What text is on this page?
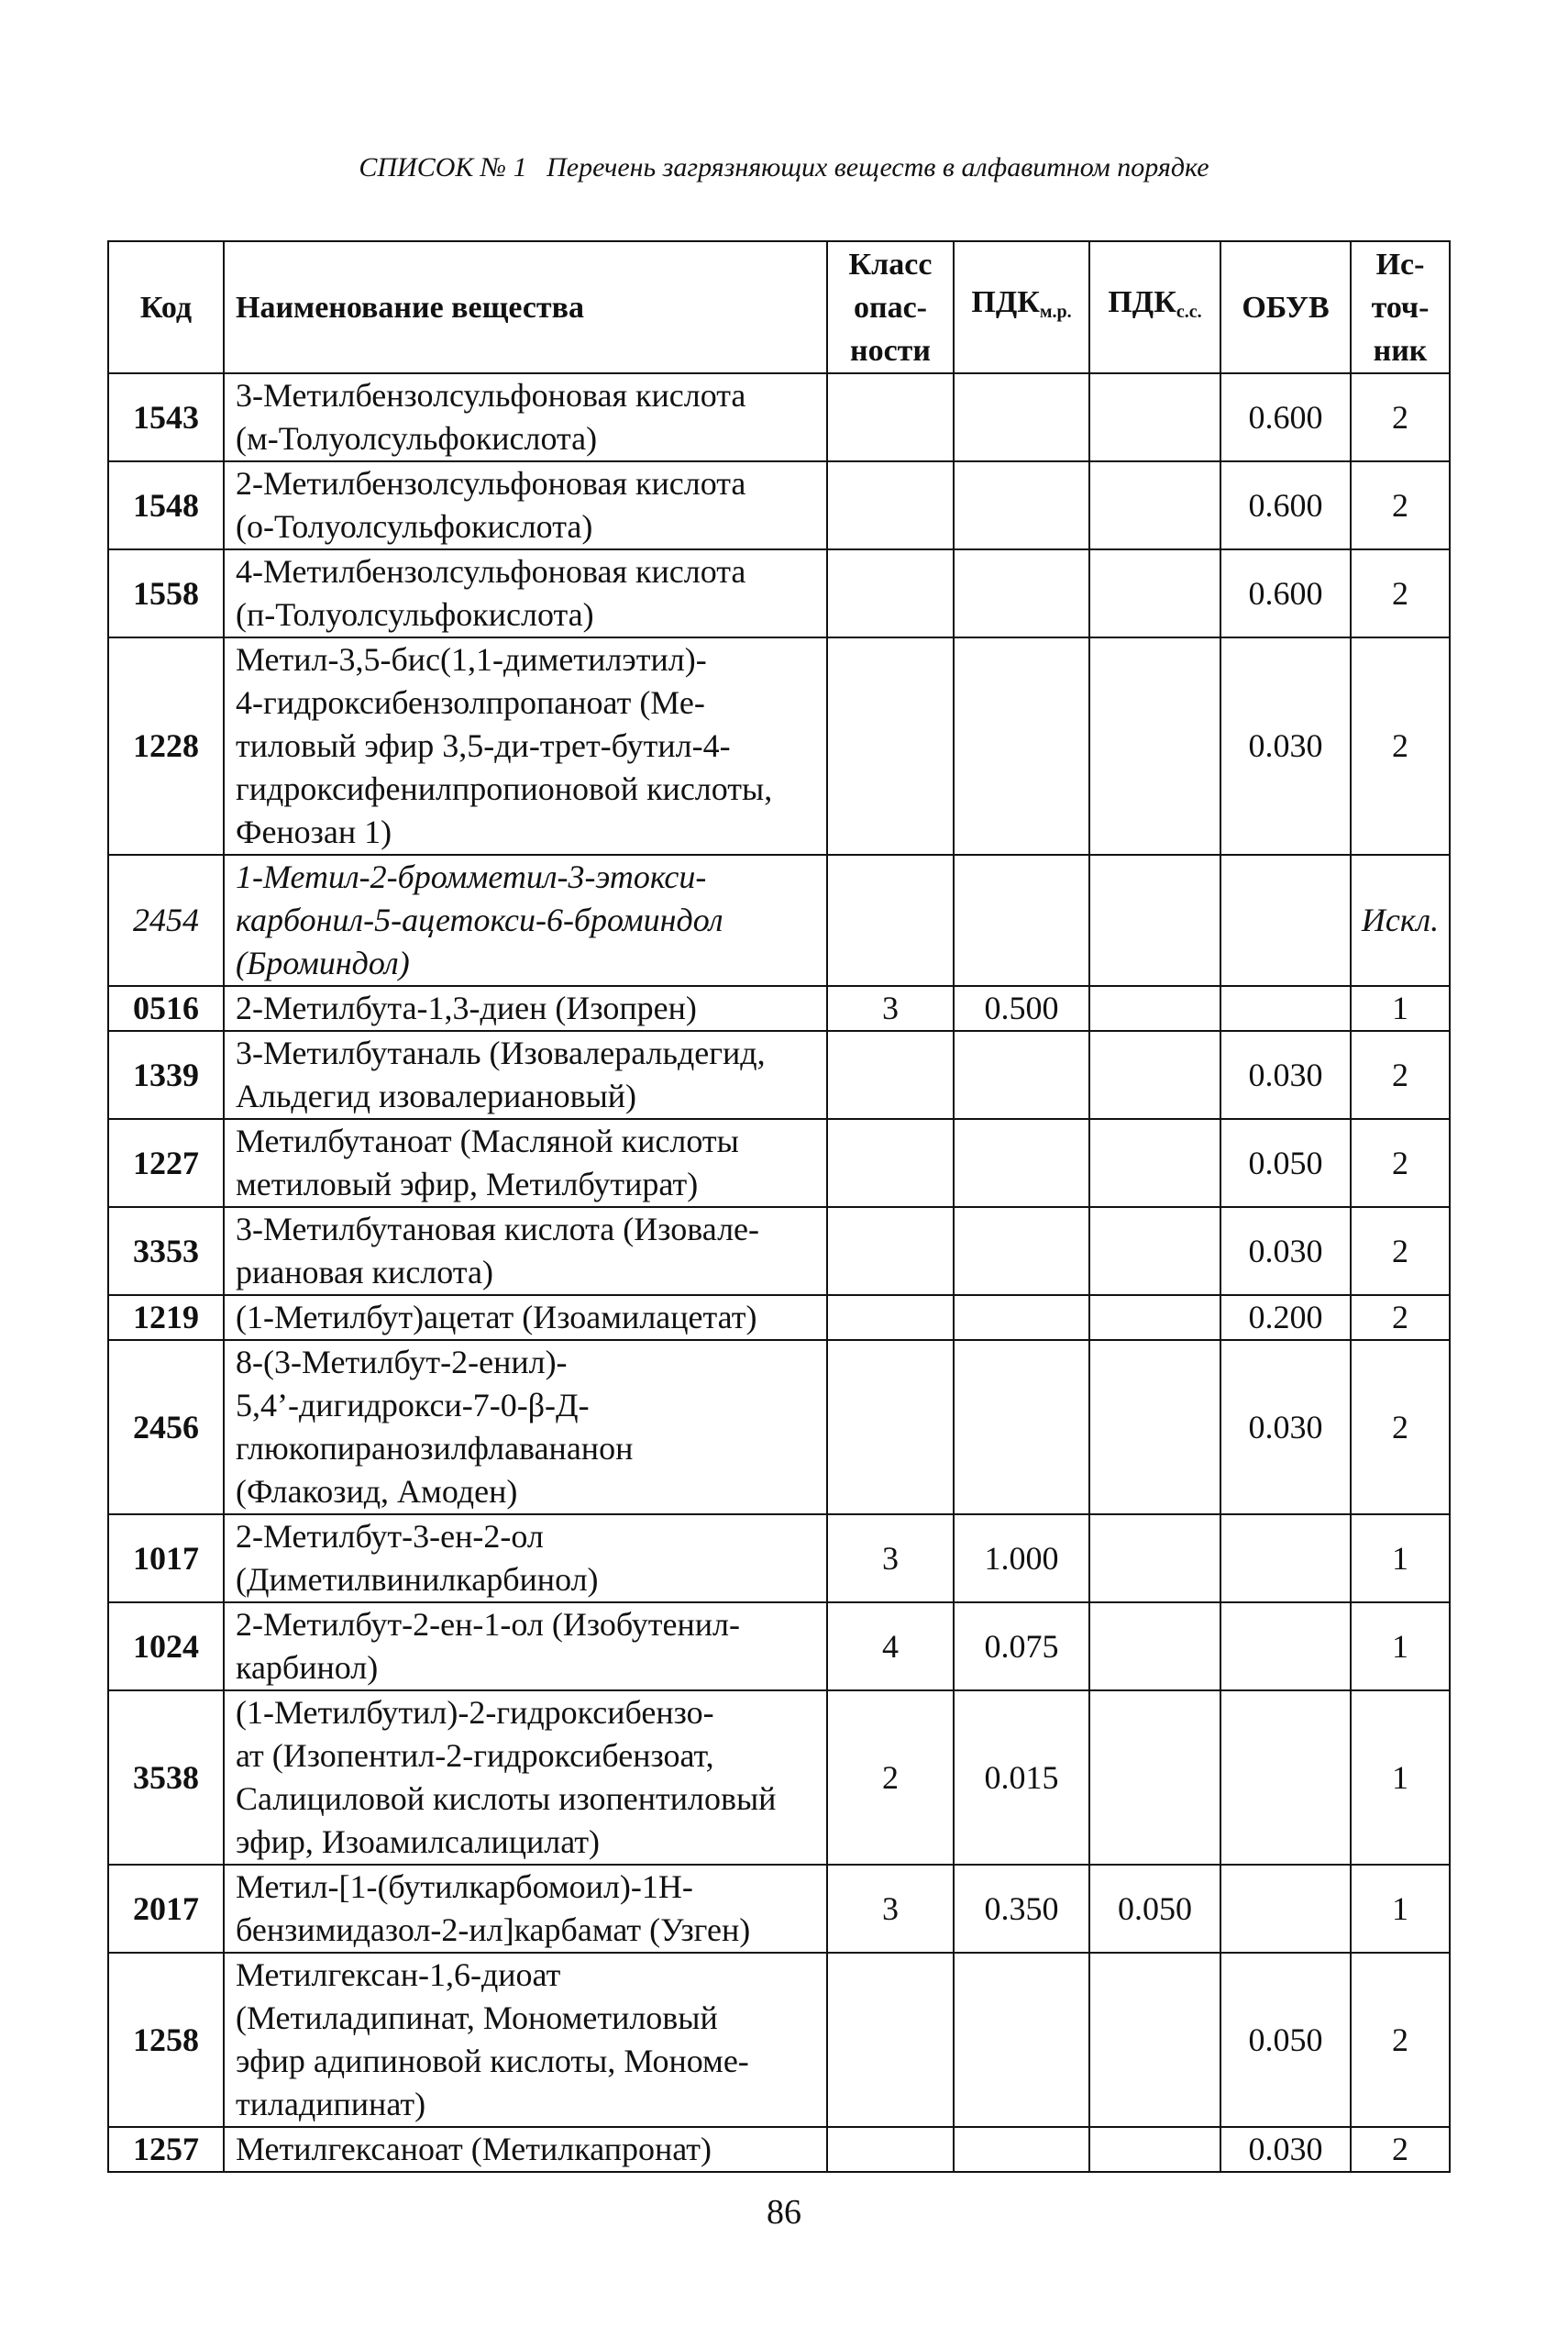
СПИСОК № 1 Перечень загрязняющих веществ в алфавитном порядке
Код	Наименование вещества	Класс
опас-
ности	$ПДК_{м.р.}$	$ПДК_{с.с.}$	ОБУВ	Ис-
точ-
ник
1543	3-Метилбензолсульфоновая кислота
(м-Толуолсульфокислота)				0.600	2
1548	2-Метилбензолсульфоновая кислота
(о-Толуолсульфокислота)				0.600	2
1558	4-Метилбензолсульфоновая кислота
(п-Толуолсульфокислота)				0.600	2
1228	Метил-3,5-бис(1,1-диметилэтил)-
4-гидроксибензолпропаноат (Ме-
тиловый эфир 3,5-ди-трет-бутил-4-
гидроксифенилпропионовой кислоты,
Фенозан 1)				0.030	2
2454	1-Метил-2-бромметил-3-этокси-
карбонил-5-ацетокси-6-броминдол
(Броминдол)					Искл.
0516	2-Метилбута-1,3-диен (Изопрен)	3	0.500			1
1339	3-Метилбутаналь (Изовалеральдегид,
Альдегид изовалериановый)				0.030	2
1227	Метилбутаноат (Масляной кислоты
метиловый эфир, Метилбутират)				0.050	2
3353	3-Метилбутановая кислота (Изовале-
риановая кислота)				0.030	2
1219	(1-Метилбут)ацетат (Изоамилацетат)				0.200	2
2456	8-(3-Метилбут-2-енил)-
5,4’-дигидрокси-7-0-β-Д-
глюкопиранозилфлавананон
(Флакозид, Амоден)				0.030	2
1017	2-Метилбут-3-ен-2-ол
(Диметилвинилкарбинол)	3	1.000			1
1024	2-Метилбут-2-ен-1-ол (Изобутенил-
карбинол)	4	0.075			1
3538	(1-Метилбутил)-2-гидроксибензо-
ат (Изопентил-2-гидроксибензоат,
Салициловой кислоты изопентиловый
эфир, Изоамилсалицилат)	2	0.015			1
2017	Метил-[1-(бутилкарбомоил)-1Н-
бензимидазол-2-ил]карбамат (Узген)	3	0.350	0.050		1
1258	Метилгексан-1,6-диоат
(Метиладипинат, Монометиловый
эфир адипиновой кислоты, Мономе-
тиладипинат)				0.050	2
1257	Метилгексаноат (Метилкапронат)				0.030	2
86
